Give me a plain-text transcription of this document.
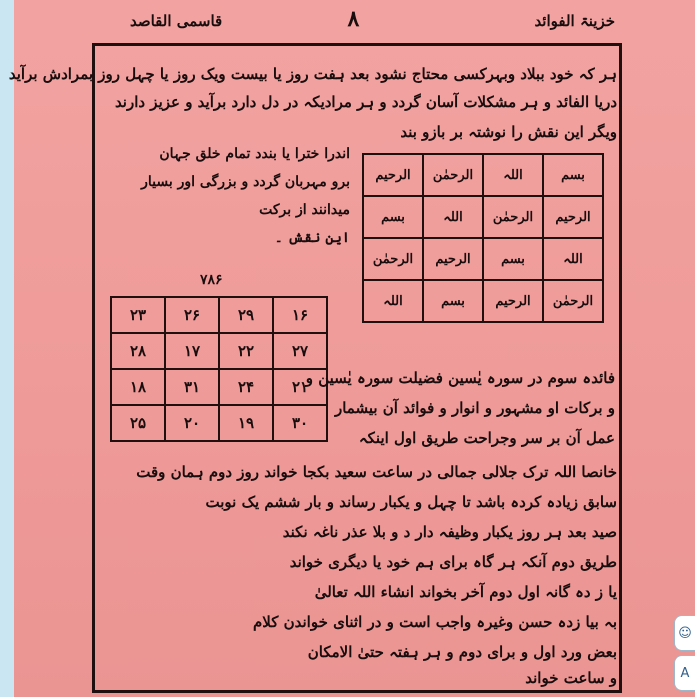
خزینۃ الفوائد
۸
قاسمی القاصد
ہر کہ خود ببلاد وبہرکسی محتاج نشود بعد ہفت روز یا بیست ویک روز یا چہل روز بمرادش برآید
دریا الفائد و ہر مشکلات آسان گردد و ہر مرادیکہ در دل دارد برآید و عزیز دارند
ویگر این نقش را نوشتہ بر بازو بند
اندرا خترا یا بندد تمام خلق جہان
برو مہربان گردد و بزرگی اور بسیار
میدانند از برکت
این نقش ۔
بسم	اللہ	الرحمٰن	الرحیم
الرحیم	الرحمٰن	اللہ	بسم
اللہ	بسم	الرحیم	الرحمٰن
الرحمٰن	الرحیم	بسم	اللہ
۷۸۶
۱۶	۲۹	۲۶	۲۳
۲۷	۲۲	۱۷	۲۸
۲۱	۲۴	۳۱	۱۸
۳۰	۱۹	۲۰	۲۵
فائدہ سوم در سورہ یٰسین فضیلت سورہ یٰسین و
و برکات او مشہور و انوار و فوائد آن بیشمار
عمل آن بر سر وجراحت طریق اول اینکہ
خانصا اللہ ترک جلالی جمالی در ساعت سعید بکجا خواند روز دوم ہمان وقت
سابق زیادہ کردہ باشد تا چہل و یکبار رساند و بار ششم یک نوبت
صید بعد ہر روز یکبار وظیفہ دار د و بلا عذر ناغہ نکند
طریق دوم آنکہ ہر گاہ برای ہم خود یا دیگری خواند
یا ز دہ گانہ اول دوم آخر بخواند انشاء اللہ تعالیٰ
بہ بیا زدہ حسن وغیرہ واجب است و در اثنای خواندن کلام
بعض ورد اول و برای دوم و ہر ہفتہ حتیٰ الامکان
و ساعت خواند
☺
A
